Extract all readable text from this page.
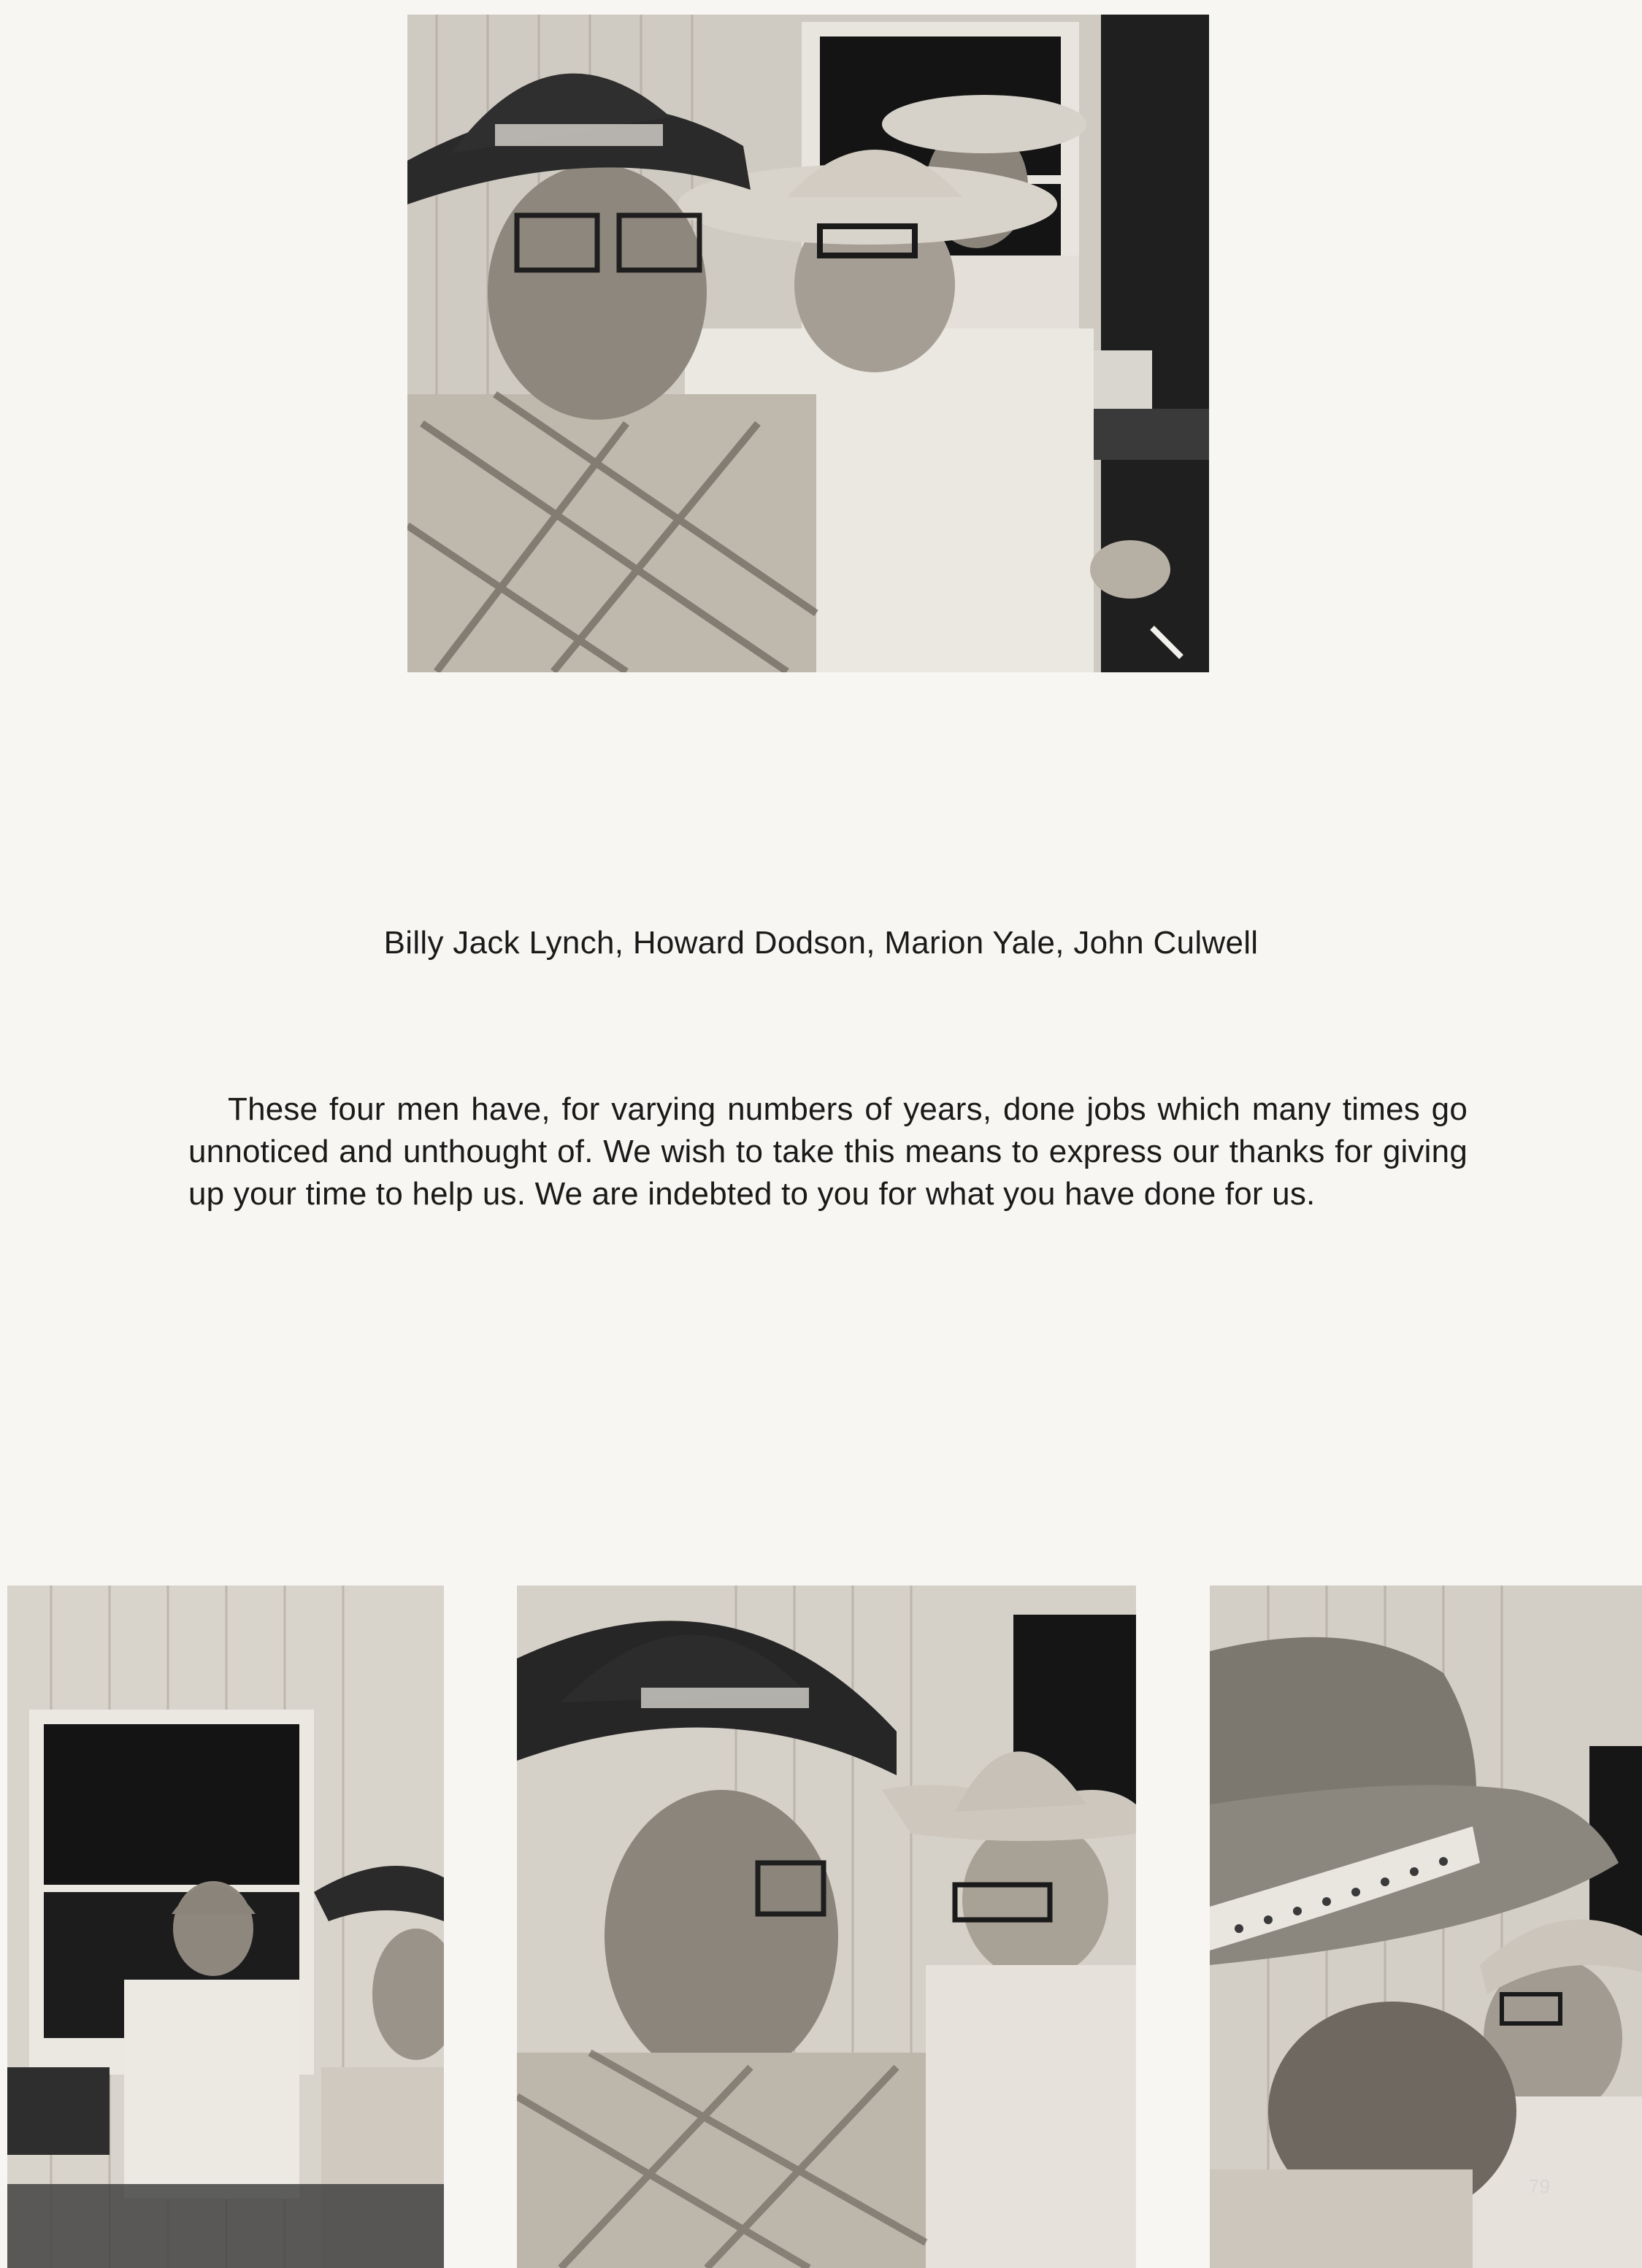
Billy Jack Lynch, Howard Dodson, Marion Yale, John Culwell

These four men have, for varying numbers of years, done jobs which many times go unnoticed and unthought of. We wish to take this means to express our thanks for giving up your time to help us. We are indebted to you for what you have done for us.

79
